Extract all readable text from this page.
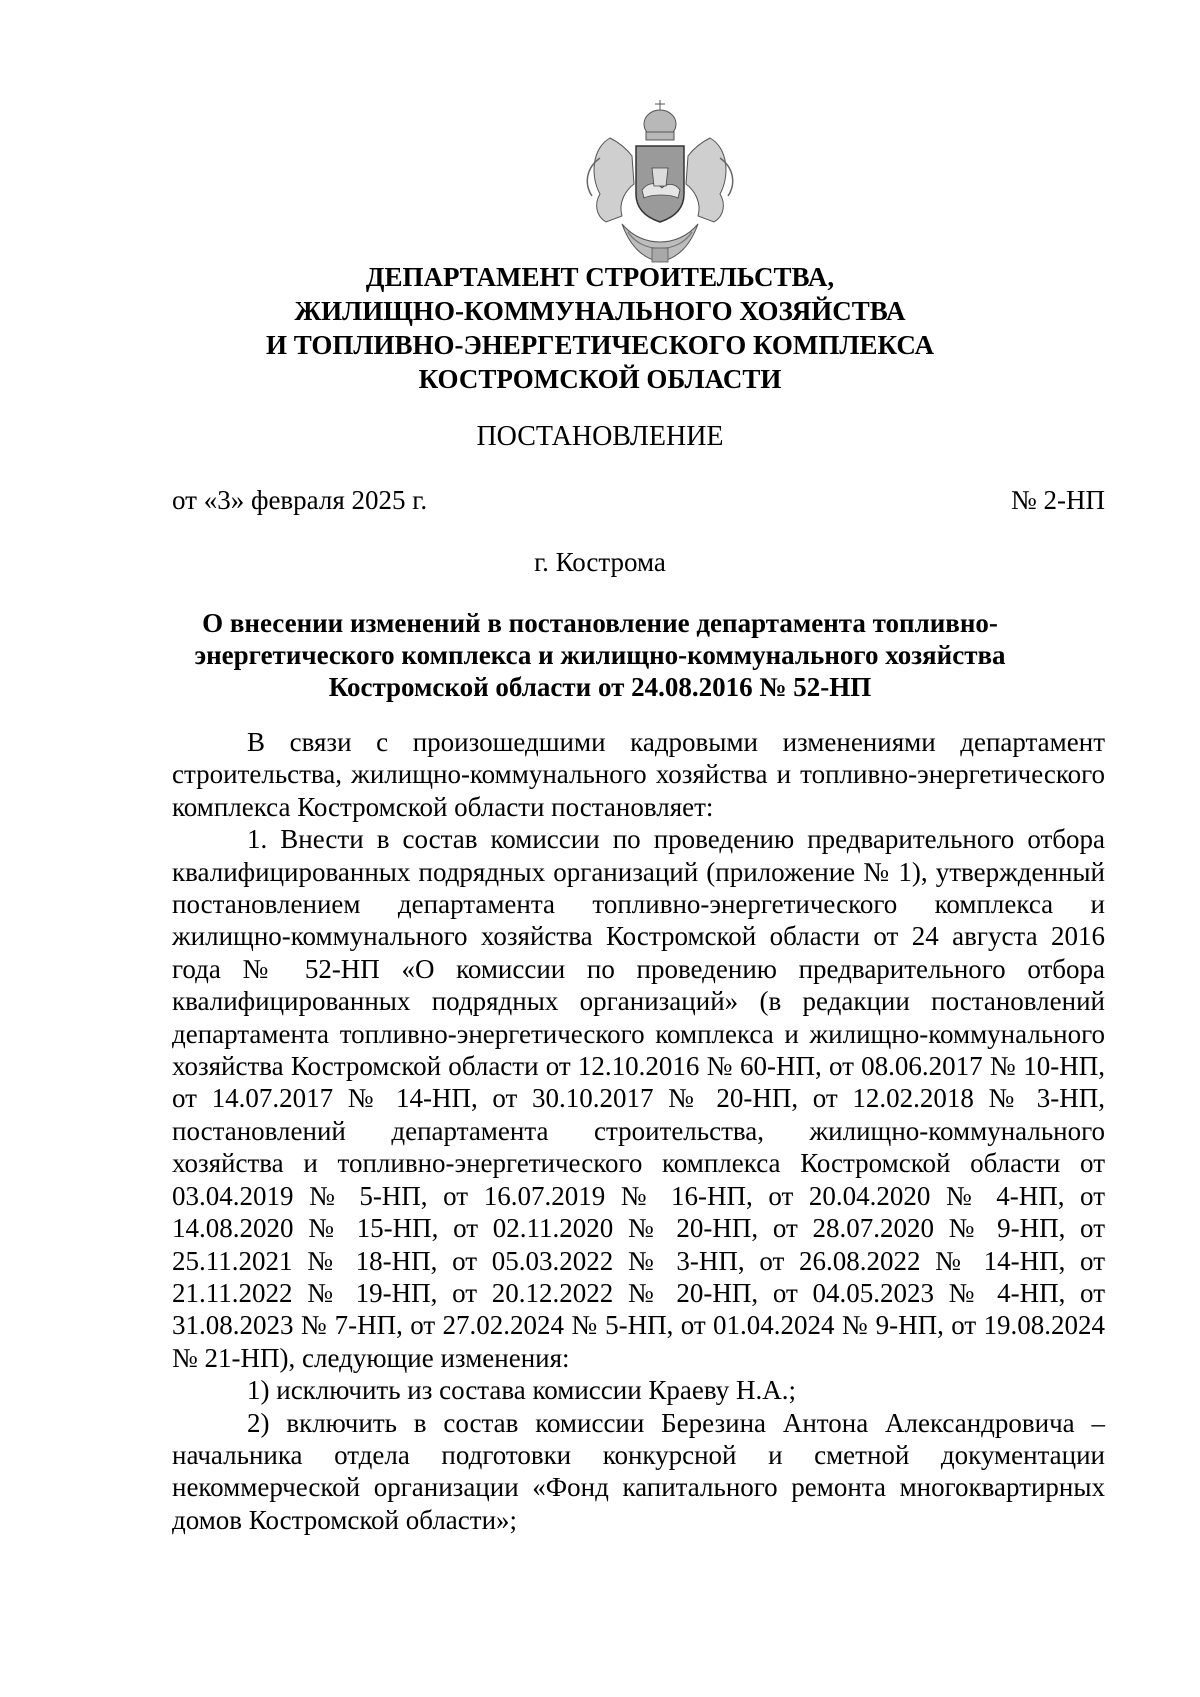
ДЕПАРТАМЕНТ СТРОИТЕЛЬСТВА,
ЖИЛИЩНО-КОММУНАЛЬНОГО ХОЗЯЙСТВА
И ТОПЛИВНО-ЭНЕРГЕТИЧЕСКОГО КОМПЛЕКСА
КОСТРОМСКОЙ ОБЛАСТИ
ПОСТАНОВЛЕНИЕ
от «3» февраля 2025 г.	№ 2-НП
г. Кострома
О внесении изменений в постановление департамента топливно-
энергетического комплекса и жилищно-коммунального хозяйства
Костромской области от 24.08.2016 № 52-НП

В связи с произошедшими кадровыми изменениями департамент строительства, жилищно-коммунального хозяйства и топливно-энергетического комплекса Костромской области постановляет:

1. Внести в состав комиссии по проведению предварительного отбора квалифицированных подрядных организаций (приложение № 1), утвержденный постановлением департамента топливно-энергетического комплекса и жилищно-коммунального хозяйства Костромской области от 24 августа 2016 года № 52-НП «О комиссии по проведению предварительного отбора квалифицированных подрядных организаций» (в редакции постановлений департамента топливно-энергетического комплекса и жилищно-коммунального хозяйства Костромской области от 12.10.2016 № 60-НП, от 08.06.2017 № 10-НП, от 14.07.2017 № 14-НП, от 30.10.2017 № 20-НП, от 12.02.2018 № 3-НП, постановлений департамента строительства, жилищно-коммунального хозяйства и топливно-энергетического комплекса Костромской области от 03.04.2019 № 5-НП, от 16.07.2019 № 16-НП, от 20.04.2020 № 4-НП, от 14.08.2020 № 15-НП, от 02.11.2020 № 20-НП, от 28.07.2020 № 9-НП, от 25.11.2021 № 18-НП, от 05.03.2022 № 3-НП, от 26.08.2022 № 14-НП, от 21.11.2022 № 19-НП, от 20.12.2022 № 20-НП, от 04.05.2023 № 4-НП, от 31.08.2023 № 7-НП, от 27.02.2024 № 5-НП, от 01.04.2024 № 9-НП, от 19.08.2024 № 21-НП), следующие изменения:

1) исключить из состава комиссии Краеву Н.А.;

2) включить в состав комиссии Березина Антона Александровича – начальника отдела подготовки конкурсной и сметной документации некоммерческой организации «Фонд капитального ремонта многоквартирных домов Костромской области»;
